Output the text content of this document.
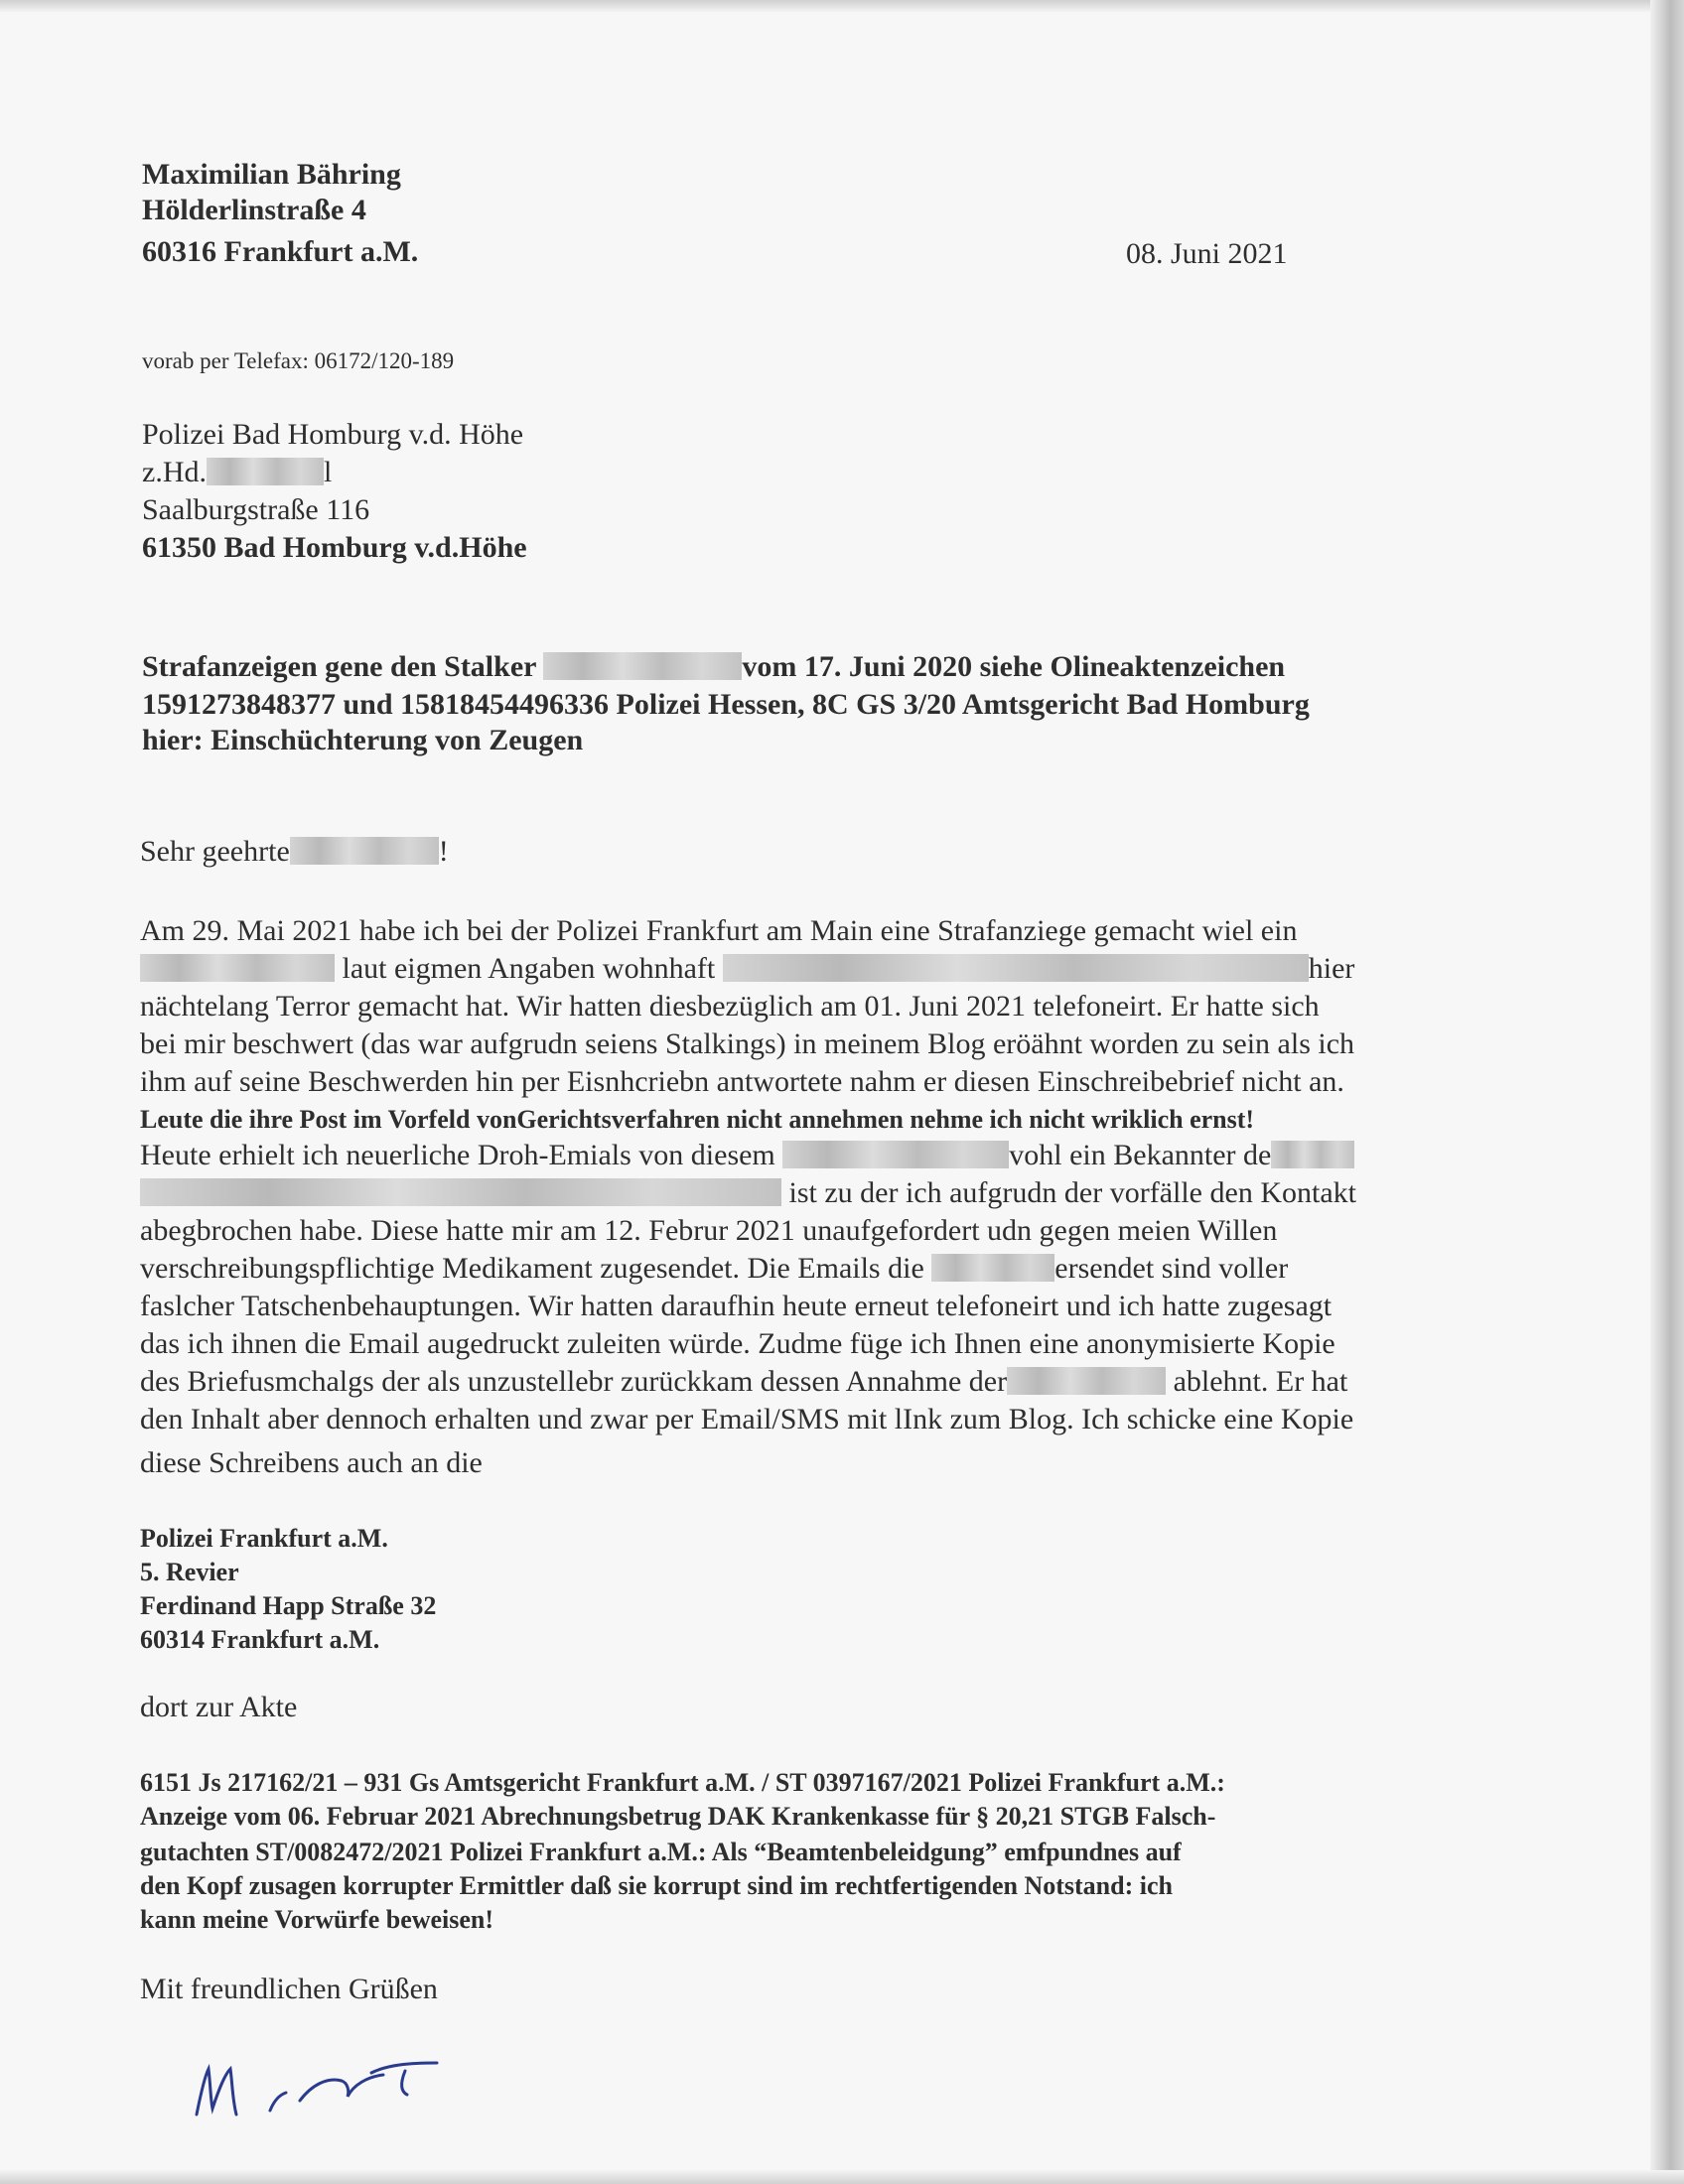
Maximilian Bähring
Hölderlinstraße 4
60316 Frankfurt a.M.	08. Juni 2021
vorab per Telefax: 06172/120-189
Polizei Bad Homburg v.d. Höhe
z.Hd.	l
Saalburgstraße 116
61350 Bad Homburg v.d.Höhe
Strafanzeigen gene den Stalker	vom 17. Juni 2020 siehe Olineaktenzeichen
1591273848377 und 15818454496336 Polizei Hessen, 8C GS 3/20 Amtsgericht Bad Homburg
hier: Einschüchterung von Zeugen
Sehr geehrte	!
Am 29. Mai 2021 habe ich bei der Polizei Frankfurt am Main eine Strafanziege gemacht wiel ein
laut eigmen Angaben wohnhaft	hier
nächtelang Terror gemacht hat. Wir hatten diesbezüglich am 01. Juni 2021 telefoneirt. Er hatte sich
bei mir beschwert (das war aufgrudn seiens Stalkings) in meinem Blog eröähnt worden zu sein als ich
ihm auf seine Beschwerden hin per Eisnhcriebn antwortete nahm er diesen Einschreibebrief nicht an.
Leute die ihre Post im Vorfeld vonGerichtsverfahren nicht annehmen nehme ich nicht wriklich ernst!
Heute erhielt ich neuerliche Droh-Emials von diesem	vohl ein Bekannter de
ist zu der ich aufgrudn der vorfälle den Kontakt
abegbrochen habe. Diese hatte mir am 12. Februr 2021 unaufgefordert udn gegen meien Willen
verschreibungspflichtige Medikament zugesendet. Die Emails die	ersendet sind voller
faslcher Tatschenbehauptungen. Wir hatten daraufhin heute erneut telefoneirt und ich hatte zugesagt
das ich ihnen die Email augedruckt zuleiten würde. Zudme füge ich Ihnen eine anonymisierte Kopie
des Briefusmchalgs der als unzustellebr zurückkam dessen Annahme der	ablehnt. Er hat
den Inhalt aber dennoch erhalten und zwar per Email/SMS mit lInk zum Blog. Ich schicke eine Kopie
diese Schreibens auch an die
Polizei Frankfurt a.M.
5. Revier
Ferdinand Happ Straße 32
60314 Frankfurt a.M.
dort zur Akte
6151 Js 217162/21 – 931 Gs Amtsgericht Frankfurt a.M. / ST 0397167/2021 Polizei Frankfurt a.M.:
Anzeige vom 06. Februar 2021 Abrechnungsbetrug DAK Krankenkasse für § 20,21 STGB Falsch-
gutachten ST/0082472/2021 Polizei Frankfurt a.M.: Als “Beamtenbeleidgung” emfpundnes auf
den Kopf zusagen korrupter Ermittler daß sie korrupt sind im rechtfertigenden Notstand: ich
kann meine Vorwürfe beweisen!
Mit freundlichen Grüßen
